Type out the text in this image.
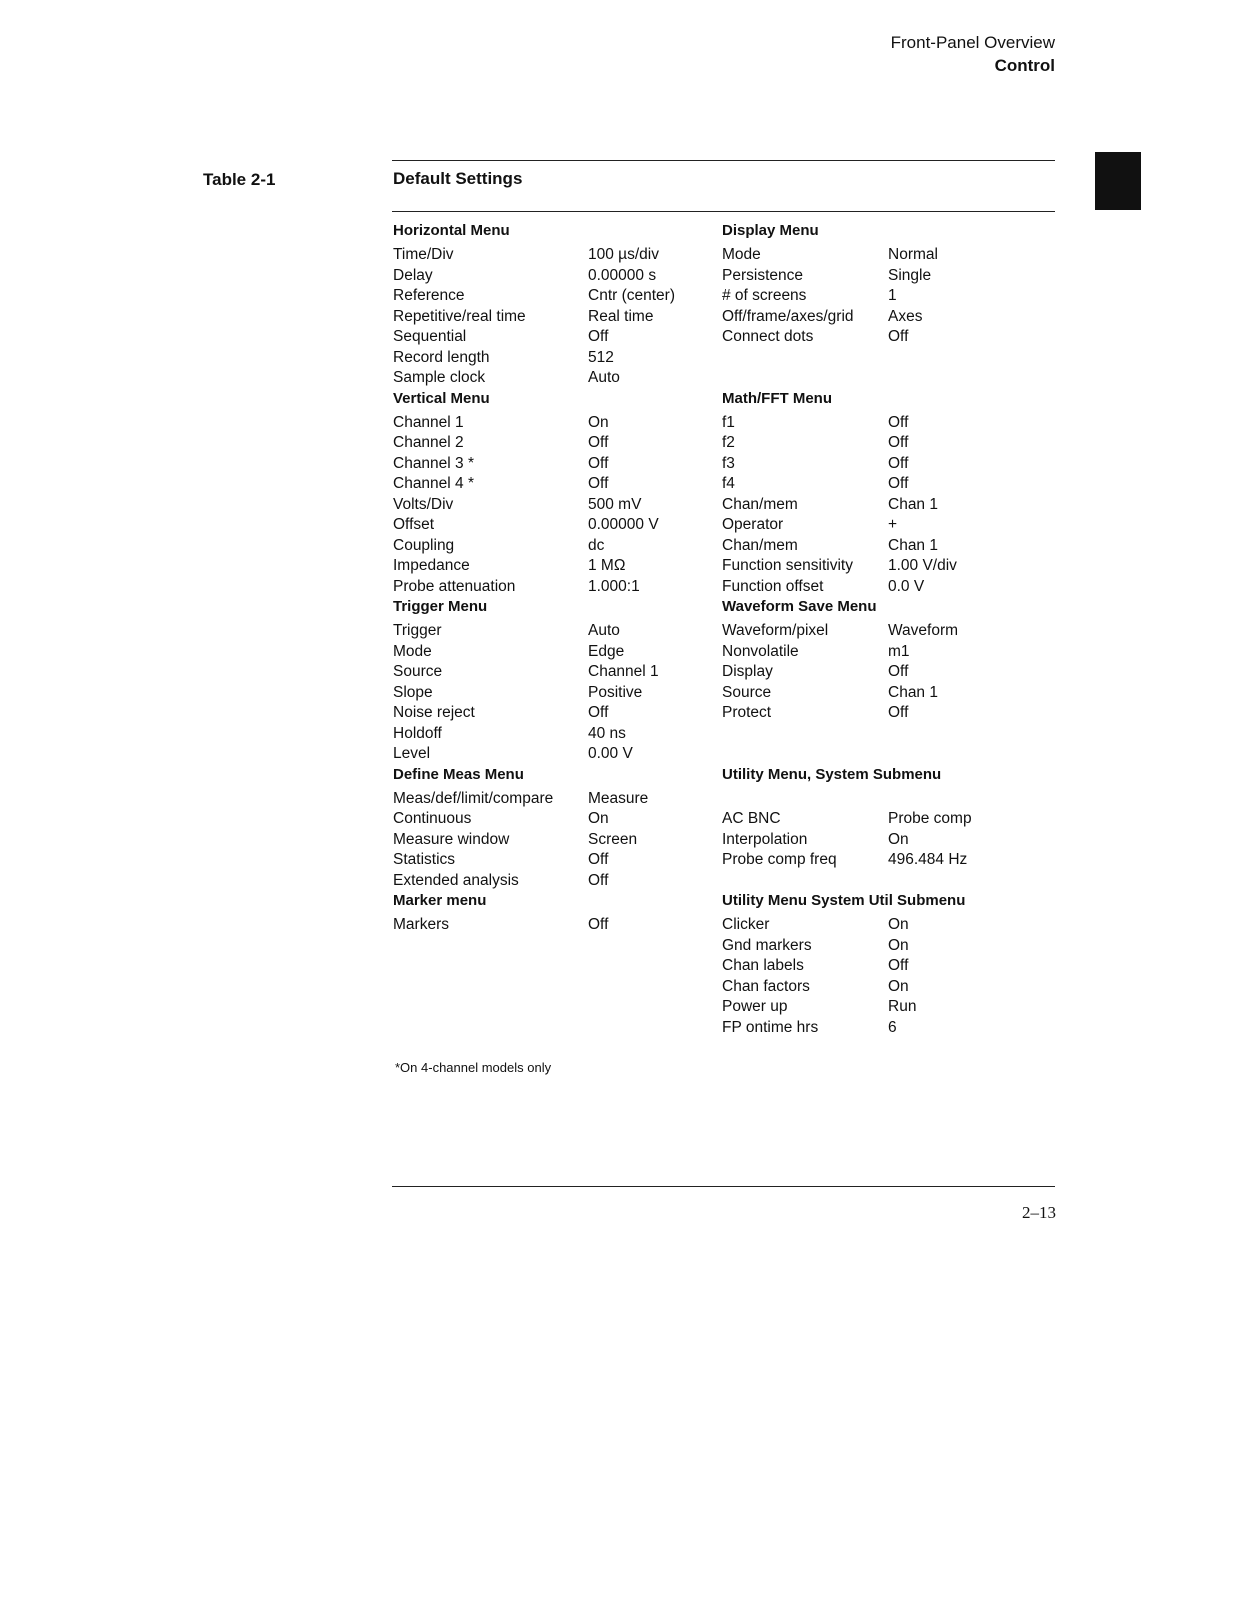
Front-Panel Overview
Control
Table 2-1	Default Settings
Horizontal Menu
Time/Div	100 µs/div
Delay	0.00000 s
Reference	Cntr (center)
Repetitive/real time	Real time
Sequential	Off
Record length	512
Sample clock	Auto
Vertical Menu
Channel 1	On
Channel 2	Off
Channel 3 *	Off
Channel 4 *	Off
Volts/Div	500 mV
Offset	0.00000 V
Coupling	dc
Impedance	1 MΩ
Probe attenuation	1.000:1
Trigger Menu
Trigger	Auto
Mode	Edge
Source	Channel 1
Slope	Positive
Noise reject	Off
Holdoff	40 ns
Level	0.00 V
Define Meas Menu
Meas/def/limit/compare Measure
Continuous	On
Measure window	Screen
Statistics	Off
Extended analysis	Off
Marker menu
Markers	Off
Display Menu
Mode	Normal
Persistence	Single
# of screens	1
Off/frame/axes/grid Axes
Connect dots	Off
Math/FFT Menu
f1	Off
f2	Off
f3	Off
f4	Off
Chan/mem	Chan 1
Operator	+
Chan/mem	Chan 1
Function sensitivity 1.00 V/div
Function offset	0.0 V
Waveform Save Menu
Waveform/pixel	Waveform
Nonvolatile	m1
Display	Off
Source	Chan 1
Protect	Off
Utility Menu, System Submenu
AC BNC	Probe comp
Interpolation	On
Probe comp freq	496.484 Hz
Utility Menu System Util Submenu
Clicker	On
Gnd markers	On
Chan labels	Off
Chan factors	On
Power up	Run
FP ontime hrs	6
*On 4-channel models only
2–13
